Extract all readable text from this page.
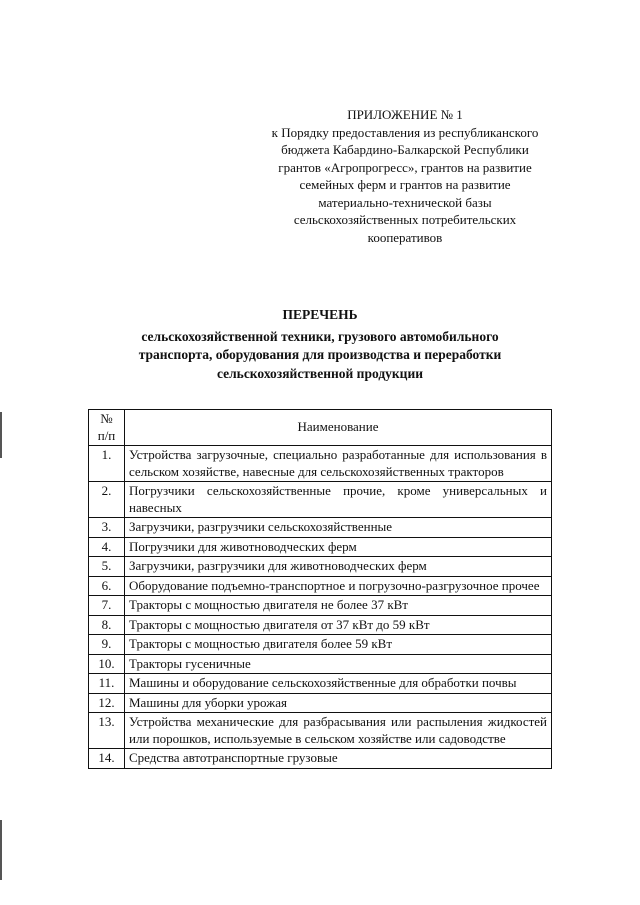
ПРИЛОЖЕНИЕ № 1
к Порядку предоставления из республиканского
бюджета Кабардино-Балкарской Республики
грантов «Агропрогресс», грантов на развитие
семейных ферм и грантов на развитие
материально-технической базы
сельскохозяйственных потребительских
кооперативов
ПЕРЕЧЕНЬ
сельскохозяйственной техники, грузового автомобильного
транспорта, оборудования для производства и переработки
сельскохозяйственной продукции
№
п/п	Наименование
1.	Устройства загрузочные, специально разработанные для использования в сельском хозяйстве, навесные для сельскохозяйственных тракторов
2.	Погрузчики сельскохозяйственные прочие, кроме универсальных и навесных
3.	Загрузчики, разгрузчики сельскохозяйственные
4.	Погрузчики для животноводческих ферм
5.	Загрузчики, разгрузчики для животноводческих ферм
6.	Оборудование подъемно-транспортное и погрузочно-разгрузочное прочее
7.	Тракторы с мощностью двигателя не более 37 кВт
8.	Тракторы с мощностью двигателя от 37 кВт до 59 кВт
9.	Тракторы с мощностью двигателя более 59 кВт
10.	Тракторы гусеничные
11.	Машины и оборудование сельскохозяйственные для обработки почвы
12.	Машины для уборки урожая
13.	Устройства механические для разбрасывания или распыления жидкостей или порошков, используемые в сельском хозяйстве или садоводстве
14.	Средства автотранспортные грузовые
